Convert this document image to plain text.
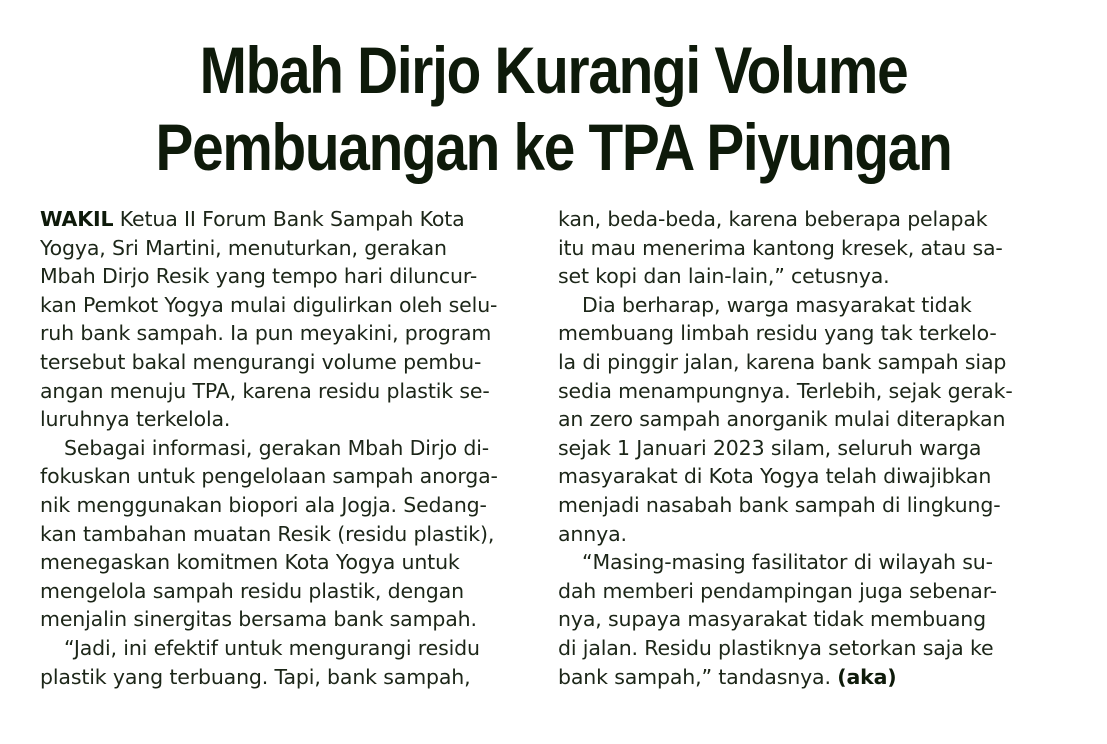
Mbah Dirjo Kurangi Volume
Pembuangan ke TPA Piyungan
WAKIL Ketua II Forum Bank Sampah Kota
Yogya, Sri Martini, menuturkan, gerakan
Mbah Dirjo Resik yang tempo hari diluncur-
kan Pemkot Yogya mulai digulirkan oleh selu-
ruh bank sampah. Ia pun meyakini, program
tersebut bakal mengurangi volume pembu-
angan menuju TPA, karena residu plastik se-
luruhnya terkelola.
Sebagai informasi, gerakan Mbah Dirjo di-
fokuskan untuk pengelolaan sampah anorga-
nik menggunakan biopori ala Jogja. Sedang-
kan tambahan muatan Resik (residu plastik),
menegaskan komitmen Kota Yogya untuk
mengelola sampah residu plastik, dengan
menjalin sinergitas bersama bank sampah.
“Jadi, ini efektif untuk mengurangi residu
plastik yang terbuang. Tapi, bank sampah,
kan, beda-beda, karena beberapa pelapak
itu mau menerima kantong kresek, atau sa-
set kopi dan lain-lain,” cetusnya.
Dia berharap, warga masyarakat tidak
membuang limbah residu yang tak terkelo-
la di pinggir jalan, karena bank sampah siap
sedia menampungnya. Terlebih, sejak gerak-
an zero sampah anorganik mulai diterapkan
sejak 1 Januari 2023 silam, seluruh warga
masyarakat di Kota Yogya telah diwajibkan
menjadi nasabah bank sampah di lingkung-
annya.
“Masing-masing fasilitator di wilayah su-
dah memberi pendampingan juga sebenar-
nya, supaya masyarakat tidak membuang
di jalan. Residu plastiknya setorkan saja ke
bank sampah,” tandasnya. (aka)
